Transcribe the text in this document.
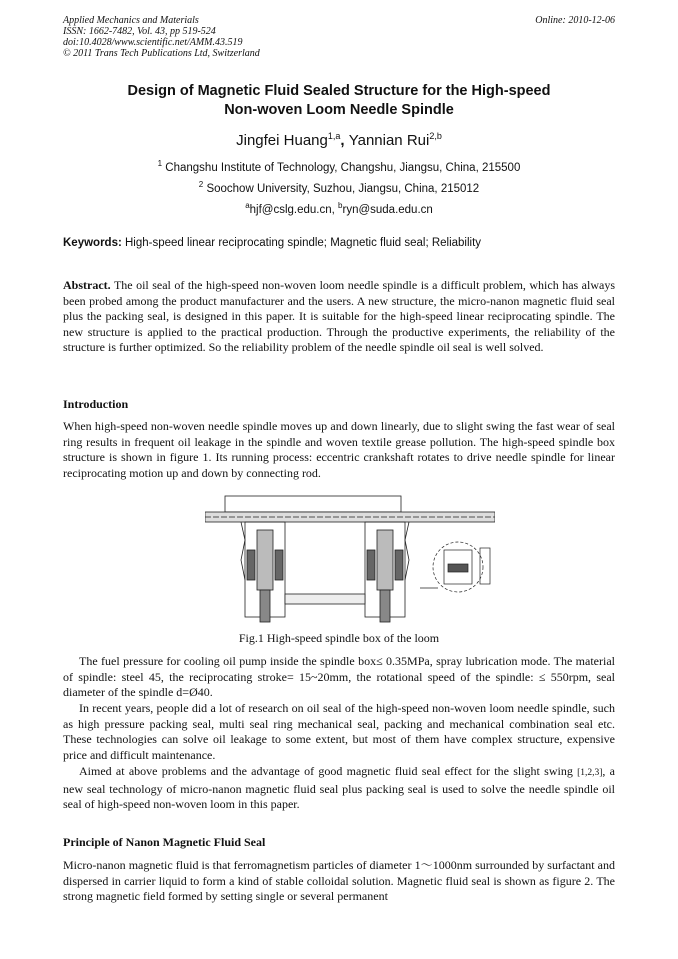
Applied Mechanics and Materials
ISSN: 1662-7482, Vol. 43, pp 519-524
doi:10.4028/www.scientific.net/AMM.43.519
© 2011 Trans Tech Publications Ltd, Switzerland
Online: 2010-12-06
Design of Magnetic Fluid Sealed Structure for the High-speed
Non-woven Loom Needle Spindle
Jingfei Huang$^{1,a}$, Yannian Rui$^{2,b}$
$^1$ Changshu Institute of Technology, Changshu, Jiangsu, China, 215500
$^2$ Soochow University, Suzhou, Jiangsu, China, 215012
$^a$hjf@cslg.edu.cn, $^b$ryn@suda.edu.cn
Keywords: High-speed linear reciprocating spindle; Magnetic fluid seal; Reliability
Abstract. The oil seal of the high-speed non-woven loom needle spindle is a difficult problem, which has always been probed among the product manufacturer and the users. A new structure, the micro-nanon magnetic fluid seal plus the packing seal, is designed in this paper. It is suitable for the high-speed linear reciprocating spindle. The new structure is applied to the practical production. Through the productive experiments, the reliability of the structure is further optimized. So the reliability problem of the needle spindle oil seal is well solved.
Introduction
When high-speed non-woven needle spindle moves up and down linearly, due to slight swing the fast wear of seal ring results in frequent oil leakage in the spindle and woven textile grease pollution. The high-speed spindle box structure is shown in figure 1. Its running process: eccentric crankshaft rotates to drive needle spindle for linear reciprocating motion up and down by connecting rod.
Fig.1 High-speed spindle box of the loom
The fuel pressure for cooling oil pump inside the spindle box≤ 0.35MPa, spray lubrication mode. The material of spindle: steel 45, the reciprocating stroke= 15~20mm, the rotational speed of the spindle: ≤ 550rpm, seal diameter of the spindle d=Ø40.
In recent years, people did a lot of research on oil seal of the high-speed non-woven loom needle spindle, such as high pressure packing seal, multi seal ring mechanical seal, packing and mechanical combination seal etc. These technologies can solve oil leakage to some extent, but most of them have complex structure, expensive price and difficult maintenance.
Aimed at above problems and the advantage of good magnetic fluid seal effect for the slight swing [1,2,3], a new seal technology of micro-nanon magnetic fluid seal plus packing seal is used to solve the needle spindle oil seal of high-speed non-woven loom in this paper.
Principle of Nanon Magnetic Fluid Seal
Micro-nanon magnetic fluid is that ferromagnetism particles of diameter 1～1000nm surrounded by surfactant and dispersed in carrier liquid to form a kind of stable colloidal solution. Magnetic fluid seal is shown as figure 2. The strong magnetic field formed by setting single or several permanent
